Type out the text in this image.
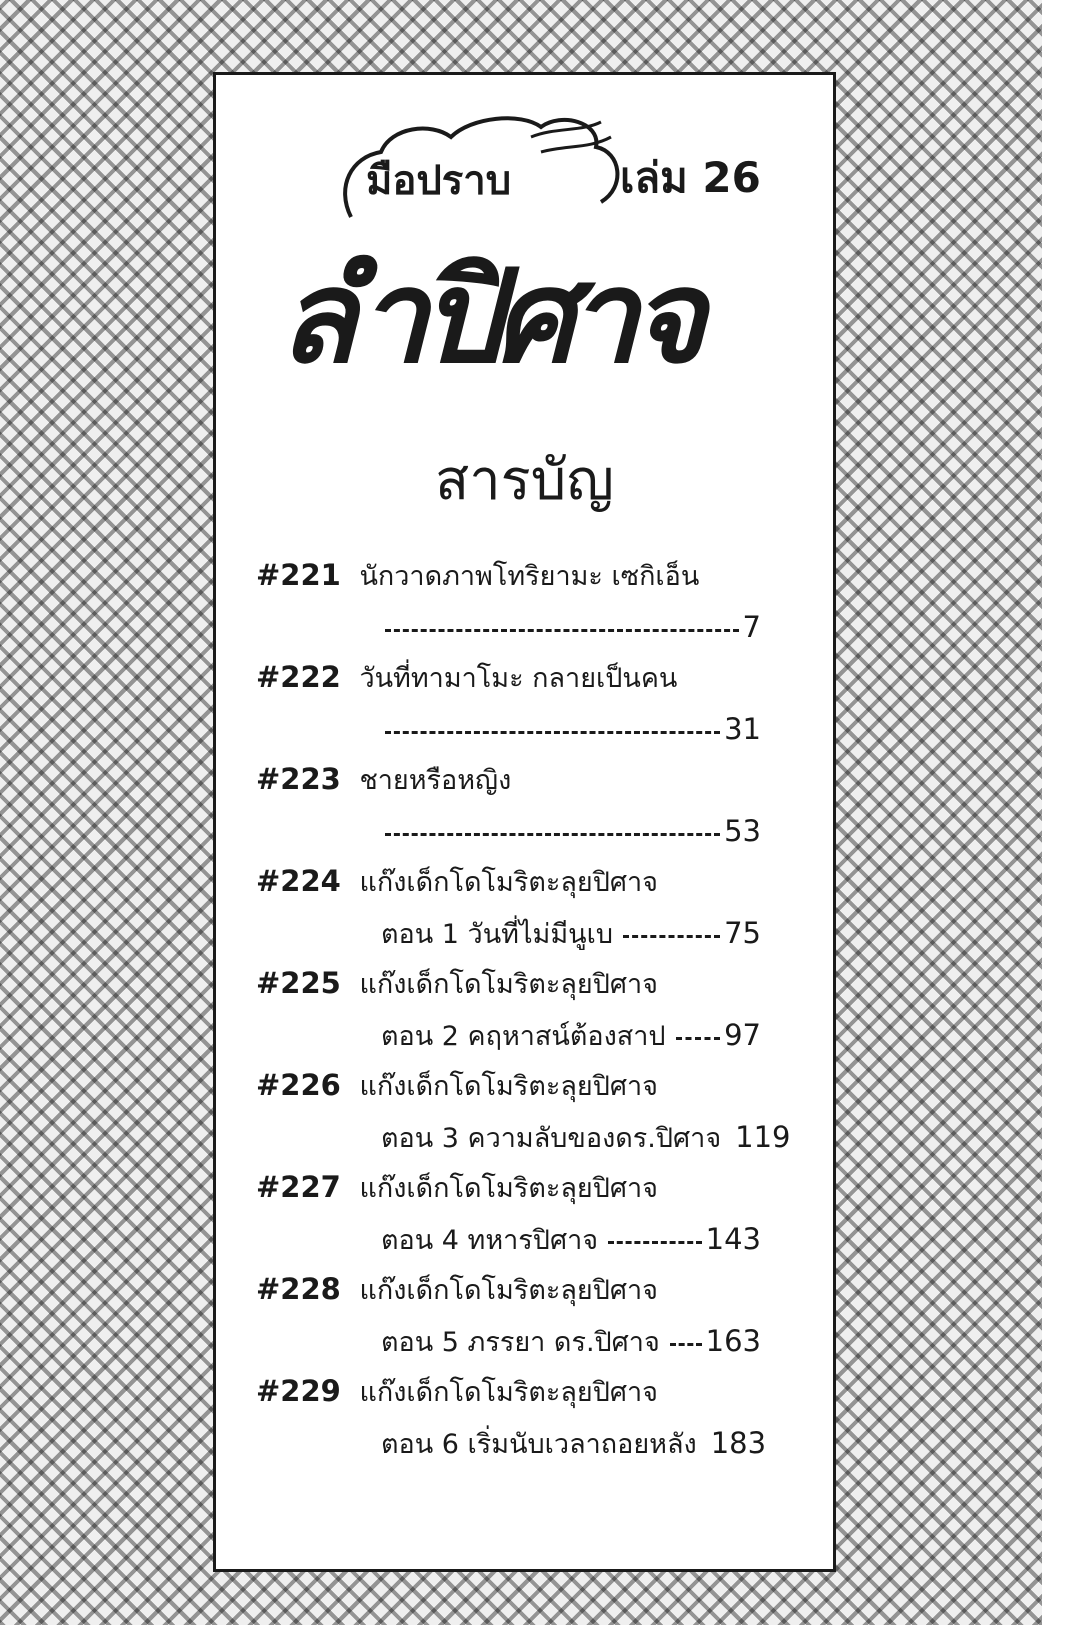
มือปราบ	เล่ม 26

ลำปิศาจ

สารบัญ
#221 นักวาดภาพโทริยามะ เซกิเอ็น
7
#222 วันที่ทามาโมะ กลายเป็นคน
31
#223 ชายหรือหญิง
53
#224 แก๊งเด็กโดโมริตะลุยปิศาจ
ตอน 1 วันที่ไม่มีนูเบ	75
#225 แก๊งเด็กโดโมริตะลุยปิศาจ
ตอน 2 คฤหาสน์ต้องสาป 97
#226 แก๊งเด็กโดโมริตะลุยปิศาจ
ตอน 3 ความลับของดร.ปิศาจ 119
#227 แก๊งเด็กโดโมริตะลุยปิศาจ
ตอน 4 ทหารปิศาจ	143
#228 แก๊งเด็กโดโมริตะลุยปิศาจ
ตอน 5 ภรรยา ดร.ปิศาจ 163
#229 แก๊งเด็กโดโมริตะลุยปิศาจ
ตอน 6 เริ่มนับเวลาถอยหลัง 183
